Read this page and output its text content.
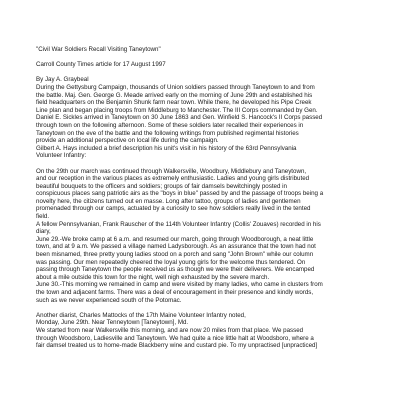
"Civil War Soldiers Recall Visiting Taneytown"
Carroll County Times article for 17 August 1997
By Jay A. Graybeal
During the Gettysburg Campaign, thousands of Union soldiers passed through Taneytown to and from
the battle. Maj. Gen. George G. Meade arrived early on the morning of June 29th and established his
field headquarters on the Benjamin Shunk farm near town. While there, he developed his Pipe Creek
Line plan and began placing troops from Middleburg to Manchester. The III Corps commanded by Gen.
Daniel E. Sickles arrived in Taneytown on 30 June 1863 and Gen. Winfield S. Hancock's II Corps passed
through town on the following afternoon. Some of these soldiers later recalled their experiences in
Taneytown on the eve of the battle and the following writings from published regimental histories
provide an additional perspective on local life during the campaign.
Gilbert A. Hays included a brief description his unit's visit in his history of the 63rd Pennsylvania
Volunteer Infantry:
On the 29th our march was continued through Walkersville, Woodbury, Middlebury and Taneytown,
and our reception in the various places as extremely enthusiastic. Ladies and young girls distributed
beautiful bouquets to the officers and soldiers; groups of fair damsels bewitchingly posted in
conspicuous places sang patriotic airs as the "boys in blue" passed by and the passage of troops being a
novelty here, the citizens turned out en masse. Long after tattoo, groups of ladies and gentlemen
promenaded through our camps, actuated by a curiosity to see how soldiers really lived in the tented
field.
A fellow Pennsylvanian, Frank Rauscher of the 114th Volunteer Infantry (Collis' Zouaves) recorded in his
diary,
June 29.-We broke camp at 6 a.m. and resumed our march, going through Woodborough, a neat little
town, and at 9 a.m. We passed a village named Ladysborough. As an assurance that the town had not
been misnamed, three pretty young ladies stood on a porch and sang "John Brown" while our column
was passing. Our men repeatedly cheered the loyal young girls for the welcome thus tendered. On
passing through Taneytown the people received us as though we were their deliverers. We encamped
about a mile outside this town for the night, well nigh exhausted by the severe march.
June 30.-This morning we remained in camp and were visited by many ladies, who came in clusters from
the town and adjacent farms. There was a deal of encouragement in their presence and kindly words,
such as we never experienced south of the Potomac.
Another diarist, Charles Mattocks of the 17th Maine Volunteer Infantry noted,
Monday, June 29th. Near Tenneytown [Taneytown], Md.
We started from near Walkersville this morning, and are now 20 miles from that place. We passed
through Woodsboro, Ladiesville and Taneytown. We had quite a nice little halt at Woodsboro, where a
fair damsel treated us to home-made Blackberry wine and custard pie. To my unpractised [unpracticed]
